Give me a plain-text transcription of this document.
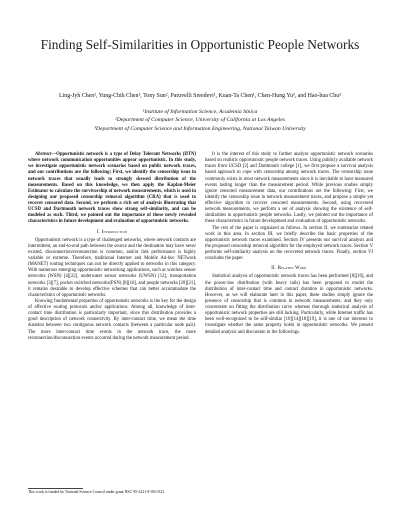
Finding Self-Similarities in Opportunistic People Networks
Ling-Jyh Chen¹, Yung-Chih Chen¹, Tony Sun², Paruvelli Sreedevi¹, Kuan-Ta Chen¹, Chen-Hung Yu³, and Hao-hua Chu³
¹Institute of Information Science, Academia Sinica
²Department of Computer Science, University of California at Los Angeles
³Department of Computer Science and Information Engineering, National Taiwan University

Abstract—Opportunistic network is a type of Delay Tolerant Networks (DTN) where network communication opportunities appear opportunistic. In this study, we investigate opportunistic network scenarios based on public network traces, and our contributions are the following: First, we identify the censorship issue in network traces that usually leads to strongly skewed distribution of the measurements. Based on this knowledge, we then apply the Kaplan-Meier Estimator to calculate the survivorship of network measurements, which is used in designing our proposed censorship removal algorithm (CRA) that is used to recover censored data. Second, we perform a rich set of analysis illustrating that UCSD and Dartmouth network traces show strong self-similarity, and can be modeled as such. Third, we pointed out the importance of these newly revealed characteristics in future development and evaluation of opportunistic networks.

I. Introduction

Opportunistic network is a type of challenged networks, where network contacts are intermittent, an end-to-end path between the source and the destination may have never existed, disconnection/reconnection is common, and/or link performance is highly variable or extreme. Therefore, traditional Internet and Mobile Ad-hoc NETwork (MANET) routing techniques can not be directly applied to networks in this category. With numerous emerging opportunistic networking applications, such as wireless sensor networks (WSN) [4][22], underwater sensor networks (UWSN) [12], transportation networks [3][7], pocket switched networks(PSN) [8][16], and people networks [20][21], it remains desirable to develop effective schemes that can better accommodate the characteristics of opportunistic networks.

Knowing fundamental properties of opportunistic networks is the key for the design of effective routing protocols and/or applications. Among all, knowledge of inter-contact time distribution is particularly important, since this distribution provides a good description of network connectivity. By inter-contact time, we mean the time duration between two contiguous network contacts (between a particular node pair). The more inter-contact time events in the network trace, the more reconnection/disconnection events occurred during the network measurement period.

This work is funded by National Science Council under grant NSC 95-2221-E-001-023.

It is the interest of this study to further analyze opportunistic network scenarios based on realistic opportunistic people network traces. Using publicly available network traces from UCSD [2] and Dartmouth college [1], we first propose a survival analysis based approach to cope with censorship among network traces. The censorship issue commonly exists in most network measurements since it is inevitable to have measured events lasting longer than the measurement period. While previous studies simply ignore censored measurement data, our contributions are the following: First, we identify the censorship issue in network measurement traces, and propose a simple yet effective algorithm to recover censored measurements. Second, using recovered network measurements, we perform a set of analysis showing the existence of self-similarities in opportunistic people networks. Lastly, we pointed out the importance of these characteristics in future development and evaluation of opportunistic networks.

The rest of the paper is organized as follows. In section II, we summarize related work in this area. In section III, we briefly describe the basic properties of the opportunistic network traces examined. Section IV presents our survival analysis and the proposed censorship removal algorithm for the employed network traces. Section V performs self-similarity analysis on the recovered network traces. Finally, section VI concludes the paper.

II. Related Work

Statistical analysis of opportunistic network traces has been performed [8][16], and the power-law distribution (with heavy tails) has been proposed to model the distribution of inter-contact time and contact duration in opportunistic networks. However, as we will elaborate later in this paper, these studies simply ignore the presence of censorship that is common in network measurements, and they only concentrate on fitting the distribution curve whereas thorough statistical analysis of opportunistic network properties are still lacking. Particularly, while Internet traffic has been well-recognized to be self-similar [10][14][18][19], it is one of our interests to investigate whether the same property holds in opportunistic networks. We present detailed analysis and discussion in the followings.
